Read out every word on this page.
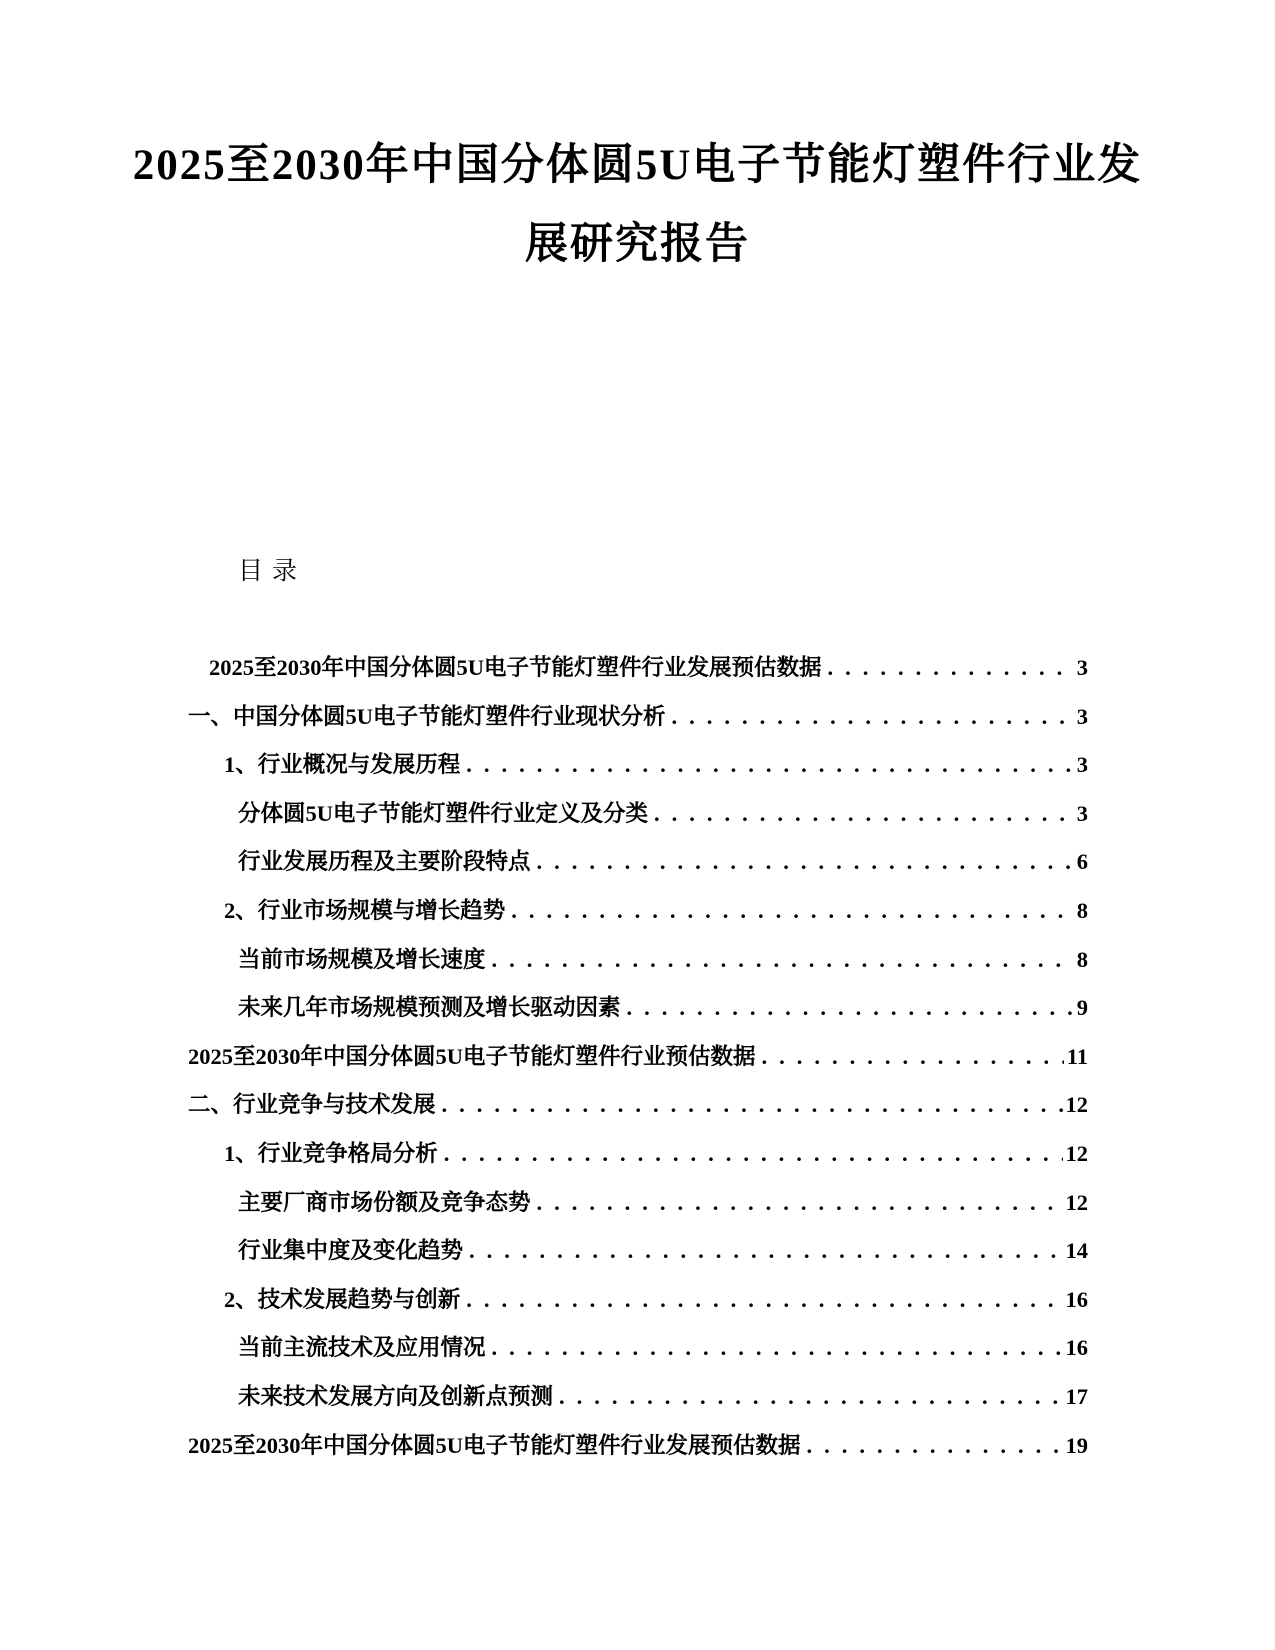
2025至2030年中国分体圆5U电子节能灯塑件行业发
展研究报告
目录
2025至2030年中国分体圆5U电子节能灯塑件行业发展预估数据 .....	3
一、中国分体圆5U电子节能灯塑件行业现状分析 .....	3
1、行业概况与发展历程 .....	3
分体圆5U电子节能灯塑件行业定义及分类 .....	3
行业发展历程及主要阶段特点 .....	6
2、行业市场规模与增长趋势 .....	8
当前市场规模及增长速度 .....	8
未来几年市场规模预测及增长驱动因素 .....	9
2025至2030年中国分体圆5U电子节能灯塑件行业预估数据 .....	11
二、行业竞争与技术发展 .....	12
1、行业竞争格局分析 .....	12
主要厂商市场份额及竞争态势 .....	12
行业集中度及变化趋势 .....	14
2、技术发展趋势与创新 .....	16
当前主流技术及应用情况 .....	16
未来技术发展方向及创新点预测 .....	17
2025至2030年中国分体圆5U电子节能灯塑件行业发展预估数据 .....	19
